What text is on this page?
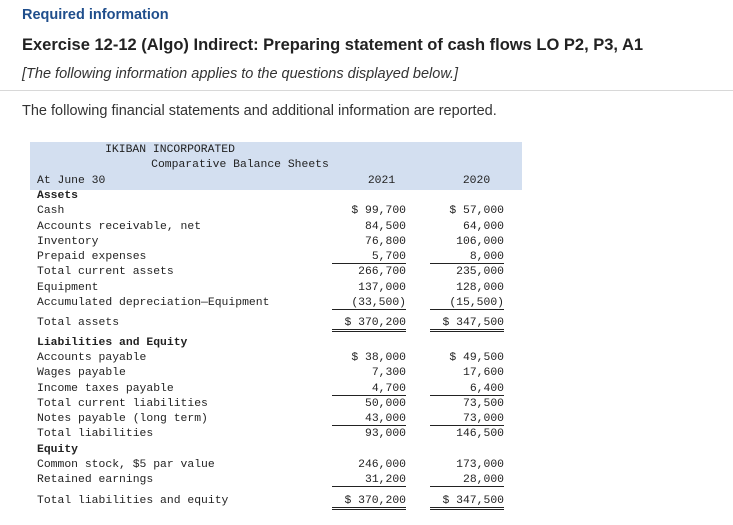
Required information
Exercise 12-12 (Algo) Indirect: Preparing statement of cash flows LO P2, P3, A1
[The following information applies to the questions displayed below.]
The following financial statements and additional information are reported.
IKIBAN INCORPORATED
Comparative Balance Sheets
At June 30	2021	2020
Assets
Cash	$ 99,700	$ 57,000
Accounts receivable, net	84,500	64,000
Inventory	76,800	106,000
Prepaid expenses	5,700	8,000
Total current assets	266,700	235,000
Equipment	137,000	128,000
Accumulated depreciation—Equipment	(33,500)	(15,500)
Total assets	$ 370,200	$ 347,500
Liabilities and Equity
Accounts payable	$ 38,000	$ 49,500
Wages payable	7,300	17,600
Income taxes payable	4,700	6,400
Total current liabilities	50,000	73,500
Notes payable (long term)	43,000	73,000
Total liabilities	93,000	146,500
Equity
Common stock, $5 par value	246,000	173,000
Retained earnings	31,200	28,000
Total liabilities and equity	$ 370,200	$ 347,500
